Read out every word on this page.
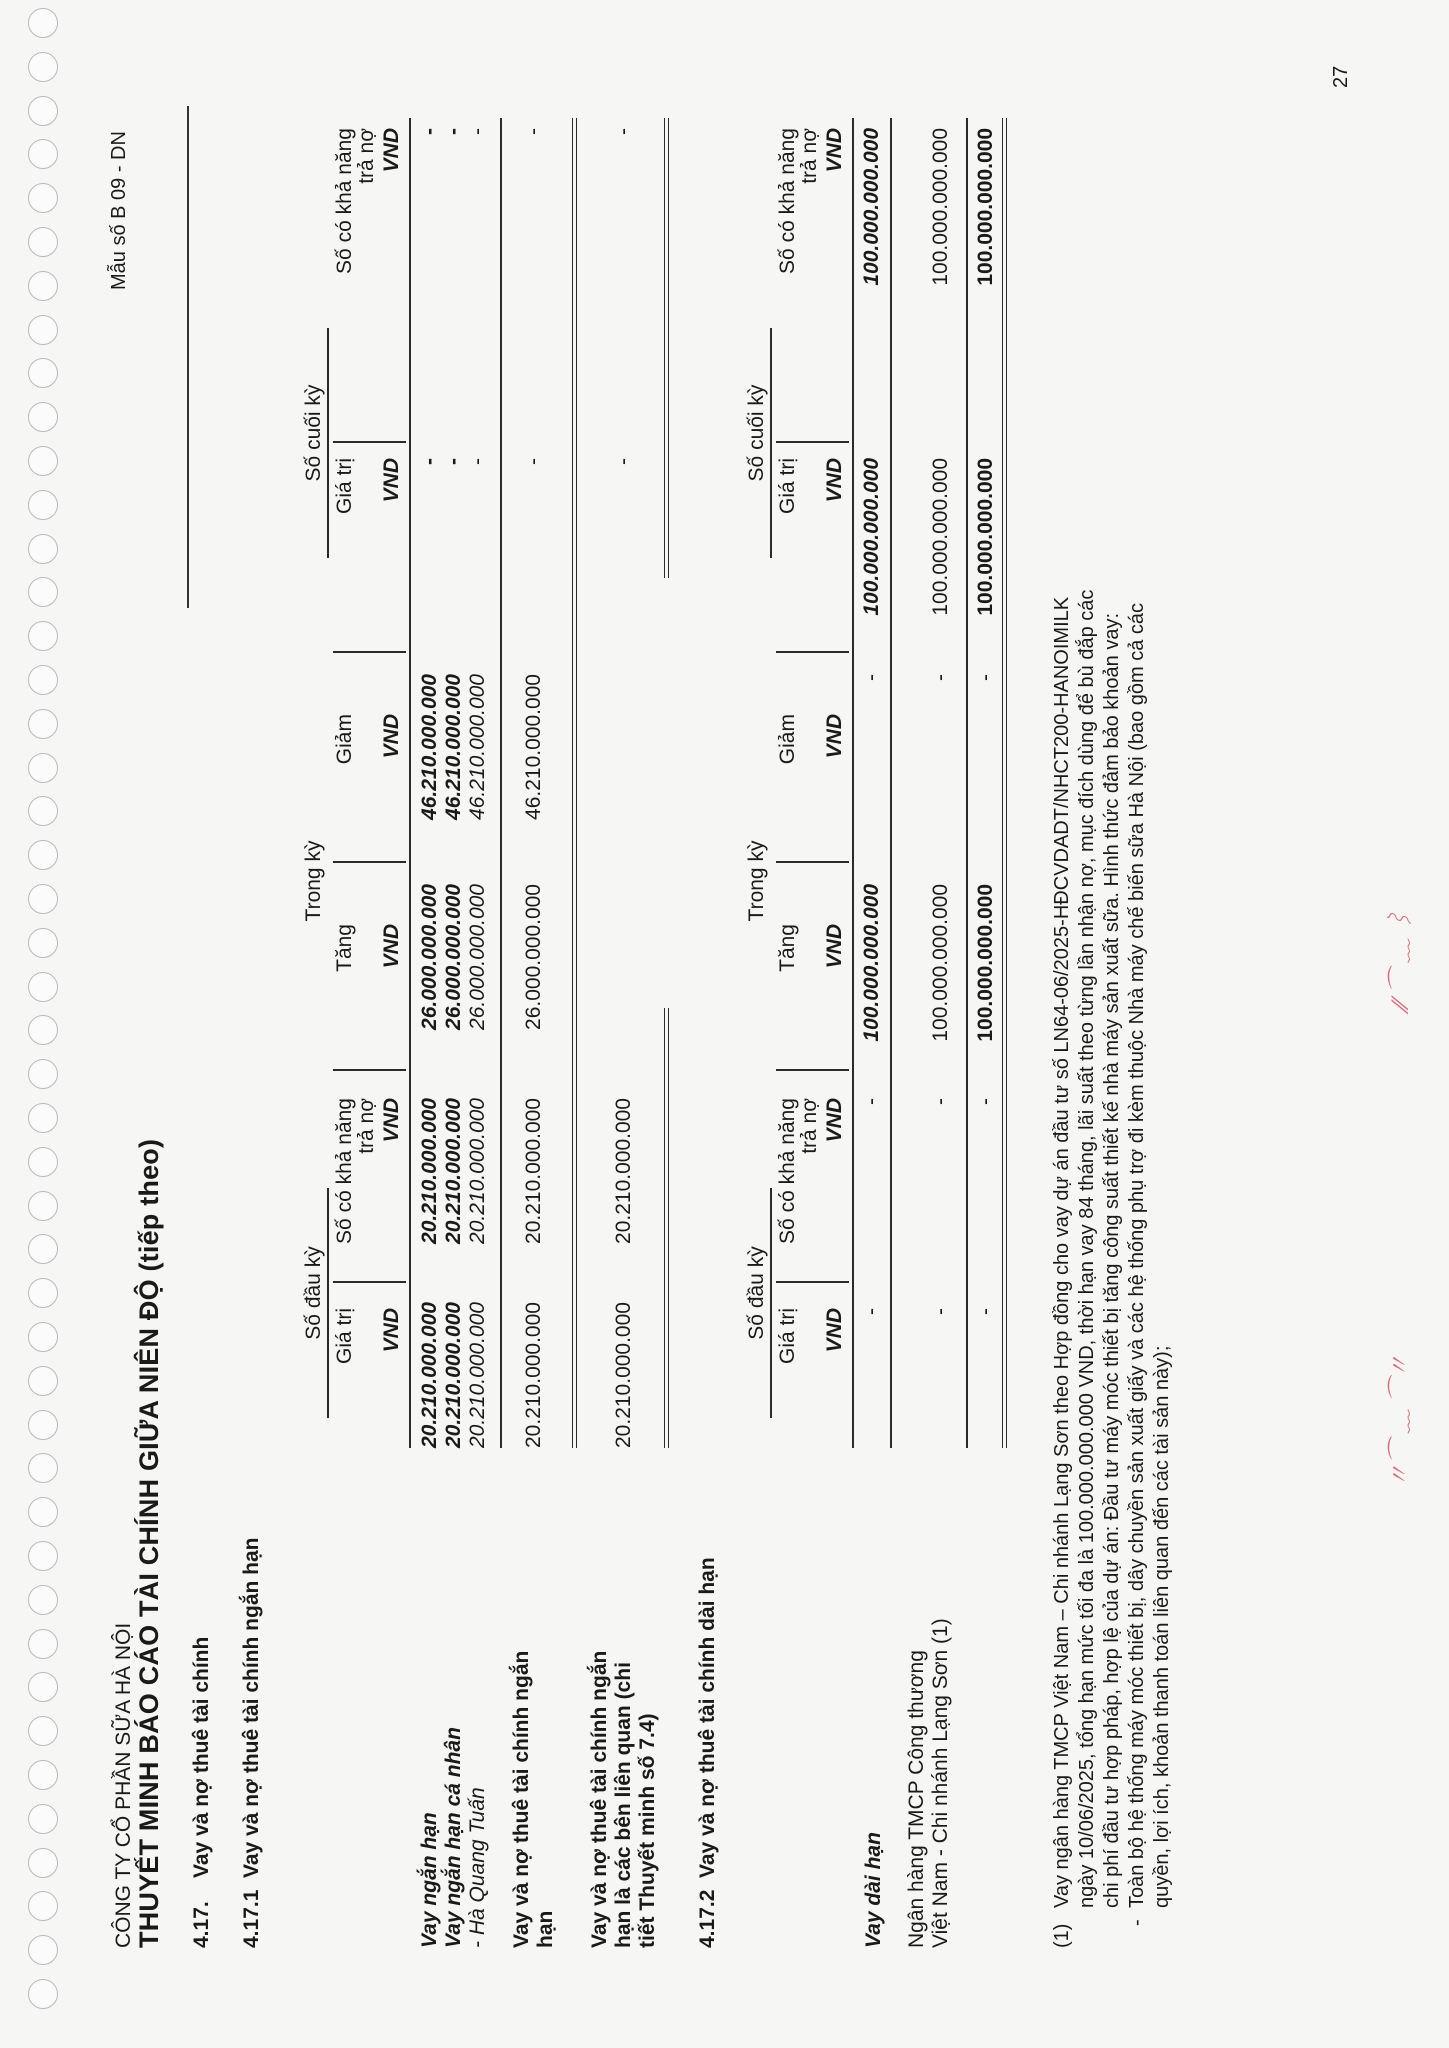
CÔNG TY CỔ PHẦN SỮA HÀ NỘI THUYẾT MINH BÁO CÁO TÀI CHÍNH GIỮA NIÊN ĐỘ (tiếp theo)
Mẫu số B 09 - DN
4.17.Vay và nợ thuê tài chính
4.17.1Vay và nợ thuê tài chính ngắn hạn
Số đầu kỳ
Trong kỳ
Số cuối kỳ
Giá trị
Số có khả năng trả nợ
Tăng
Giảm
Giá trị
Số có khả năng trả nợ
VND
VND
VND
VND
VND
VND
Vay ngắn hạn
20.210.000.000
20.210.000.000
26.000.000.000
46.210.000.000
-
-
Vay ngắn hạn cá nhân
20.210.000.000
20.210.000.000
26.000.000.000
46.210.000.000
-
-
- Hà Quang Tuấn
20.210.000.000
20.210.000.000
26.000.000.000
46.210.000.000
-
-
Vay và nợ thuê tài chính ngắn hạn
20.210.000.000
20.210.000.000
26.000.000.000
46.210.000.000
-
-
Vay và nợ thuê tài chính ngắn hạn là các bên liên quan (chi tiết Thuyết minh số 7.4)
20.210.000.000
20.210.000.000
-
-
4.17.2Vay và nợ thuê tài chính dài hạn
Số đầu kỳ
Trong kỳ
Số cuối kỳ
Giá trị
Số có khả năng trả nợ
Tăng
Giảm
Giá trị
Số có khả năng trả nợ
VND
VND
VND
VND
VND
VND
Vay dài hạn
-
-
100.000.000.000
-
100.000.000.000
100.000.000.000
Ngân hàng TMCP Công thương Việt Nam - Chi nhánh Lạng Sơn (1)
-
-
100.000.000.000
-
100.000.000.000
100.000.000.000
-
-
100.000.000.000
-
100.000.000.000
100.000.000.000
(1)
Vay ngân hàng TMCP Việt Nam – Chi nhánh Lạng Sơn theo Hợp đồng cho vay dự án đầu tư số LN64-06/2025-HĐCVDADT/NHCT200-HANOIMILK ngày 10/06/2025, tổng hạn mức tối đa là 100.000.000.000 VND, thời hạn vay 84 tháng, lãi suất theo từng lần nhận nợ, mục đích dùng để bù đắp các chi phí đầu tư hợp pháp, hợp lệ của dự án: Đầu tư máy móc thiết bị tăng công suất thiết kế nhà máy sản xuất sữa. Hình thức đảm bảo khoản vay:
-
Toàn bộ hệ thống máy móc thiết bị, dây chuyền sản xuất giấy và các hệ thống phụ trợ đi kèm thuộc Nhà máy chế biến sữa Hà Nội (bao gồm cả các quyền, lợi ích, khoản thanh toán liên quan đến các tài sản này);
27
〃⌒ ﹏ ⌒〃
∕∕ ⌒ ﹏ ⌇
